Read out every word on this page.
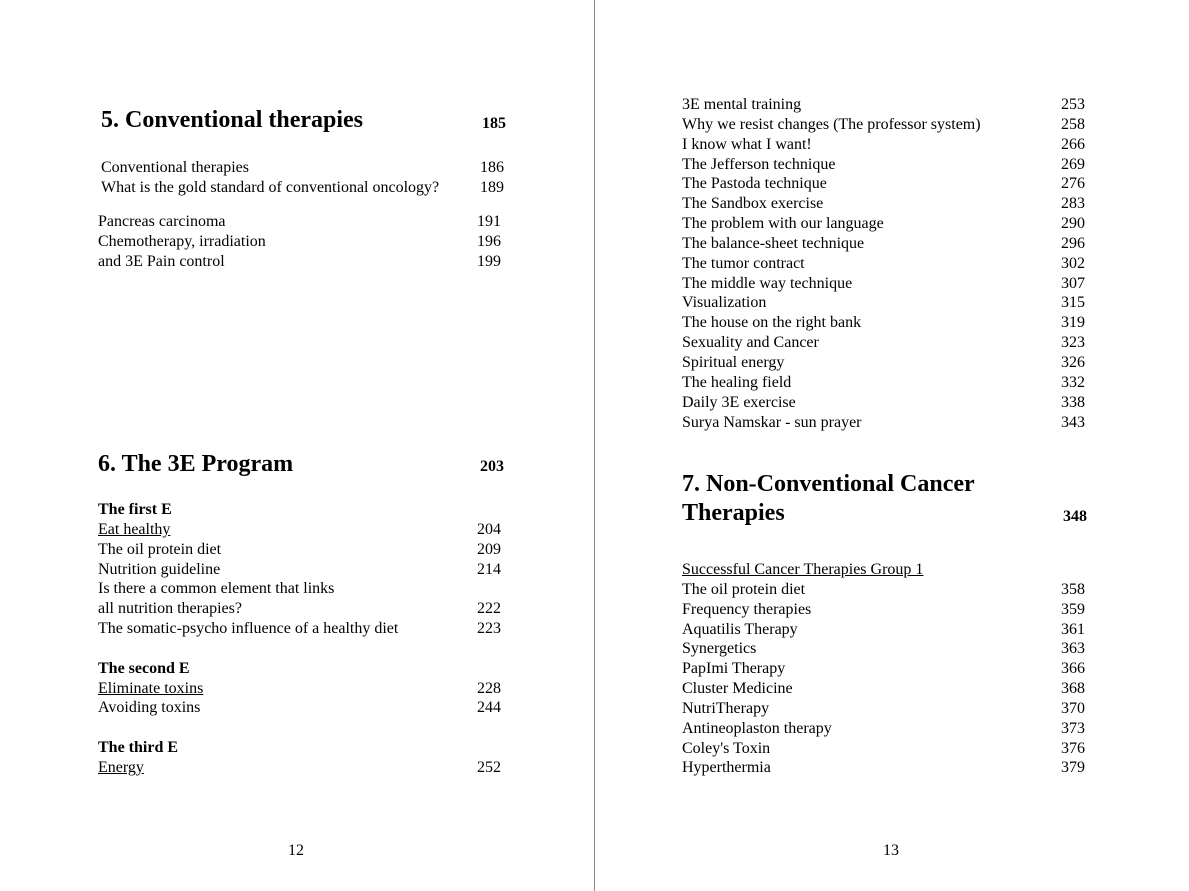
5. Conventional therapies	185
Conventional therapies	186
What is the gold standard of conventional oncology?	189
Pancreas carcinoma	191
Chemotherapy, irradiation	196
and 3E Pain control	199
6. The 3E Program	203
The first E
Eat healthy	204
The oil protein diet	209
Nutrition guideline	214
Is there a common element that links
all nutrition therapies?	222
The somatic-psycho influence of a healthy diet	223
The second E
Eliminate toxins	228
Avoiding toxins	244
The third E
Energy	252
12
3E mental training	253
Why we resist changes (The professor system)	258
I know what I want!	266
The Jefferson technique	269
The Pastoda technique	276
The Sandbox exercise	283
The problem with our language	290
The balance-sheet technique	296
The tumor contract	302
The middle way technique	307
Visualization	315
The house on the right bank	319
Sexuality and Cancer	323
Spiritual energy	326
The healing field	332
Daily 3E exercise	338
Surya Namskar - sun prayer	343
7. Non-Conventional Cancer
Therapies	348
Successful Cancer Therapies Group 1
The oil protein diet	358
Frequency therapies	359
Aquatilis Therapy	361
Synergetics	363
PapImi Therapy	366
Cluster Medicine	368
NutriTherapy	370
Antineoplaston therapy	373
Coley's Toxin	376
Hyperthermia	379
13
